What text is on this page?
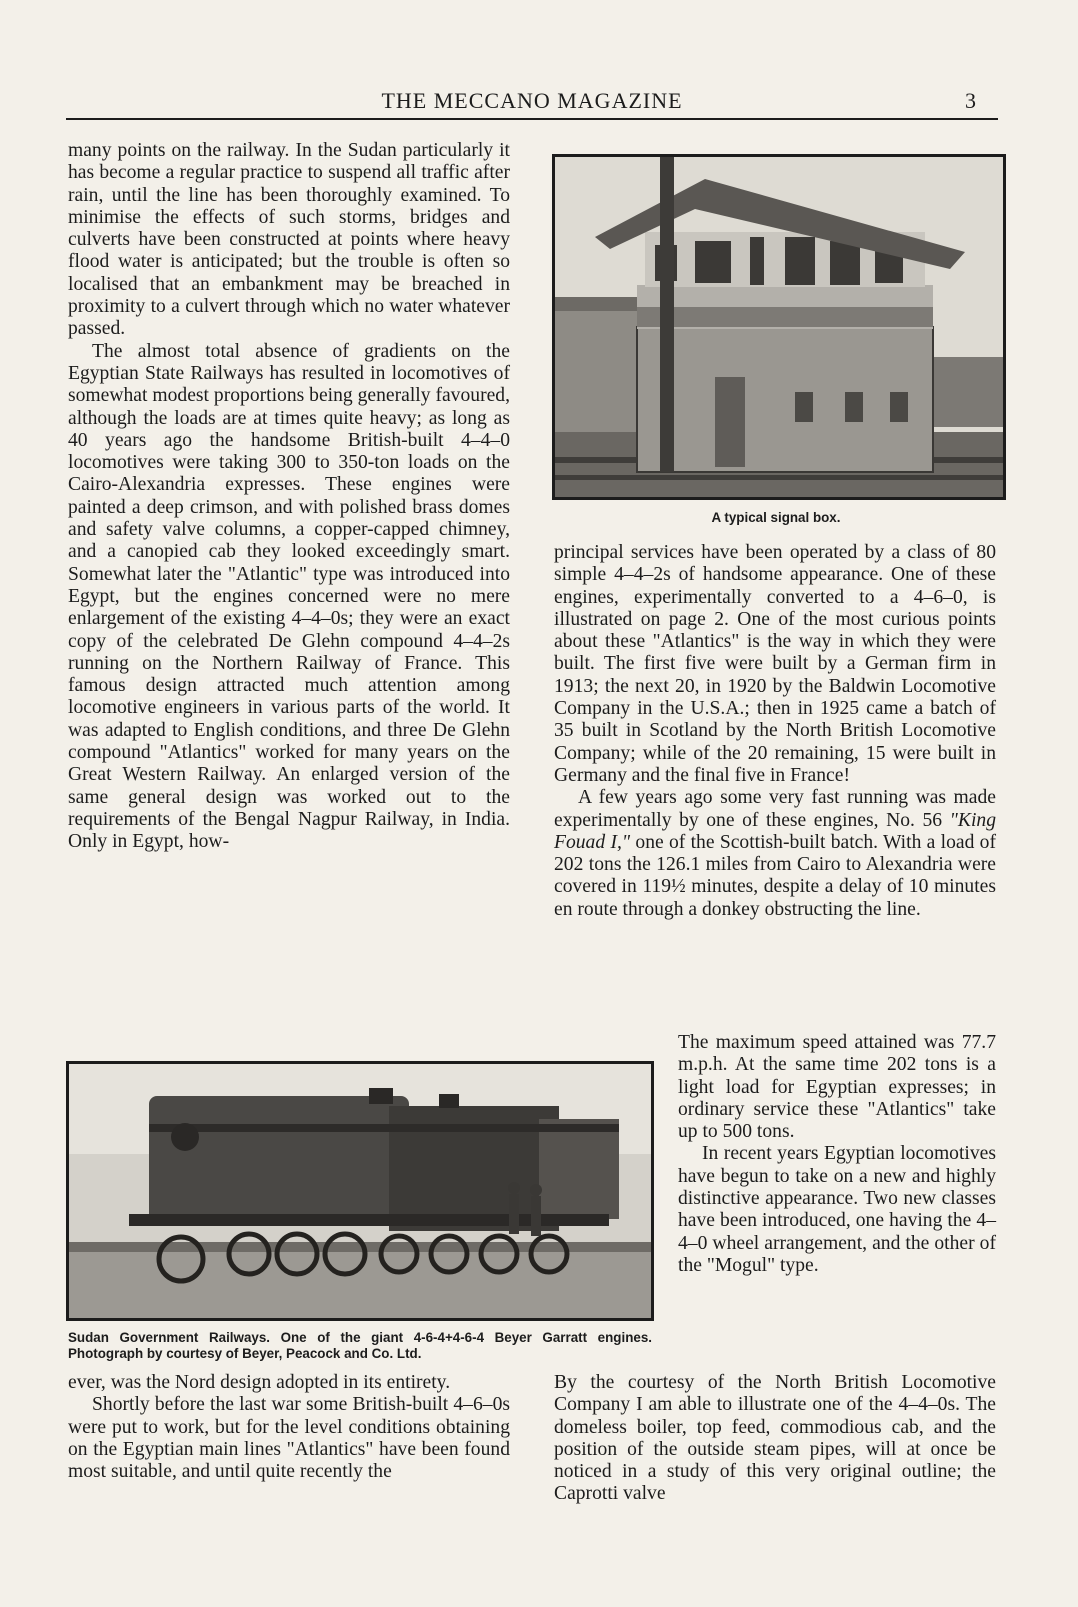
THE MECCANO MAGAZINE	3

many points on the railway. In the Sudan particularly it has become a regular practice to suspend all traffic after rain, until the line has been thoroughly examined. To minimise the effects of such storms, bridges and culverts have been constructed at points where heavy flood water is anticipated; but the trouble is often so localised that an embankment may be breached in proximity to a culvert through which no water whatever passed.

The almost total absence of gradients on the Egyptian State Railways has resulted in locomotives of somewhat modest proportions being generally favoured, although the loads are at times quite heavy; as long as 40 years ago the handsome British-built 4–4–0 locomotives were taking 300 to 350-ton loads on the Cairo-Alexandria expresses. These engines were painted a deep crimson, and with polished brass domes and safety valve columns, a copper-capped chimney, and a canopied cab they looked exceedingly smart. Somewhat later the "Atlantic" type was introduced into Egypt, but the engines concerned were no mere enlargement of the existing 4–4–0s; they were an exact copy of the celebrated De Glehn compound 4–4–2s running on the Northern Railway of France. This famous design attracted much attention among locomotive engineers in various parts of the world. It was adapted to English conditions, and three De Glehn compound "Atlantics" worked for many years on the Great Western Railway. An enlarged version of the same general design was worked out to the requirements of the Bengal Nagpur Railway, in India. Only in Egypt, how-

A typical signal box.

principal services have been operated by a class of 80 simple 4–4–2s of handsome appearance. One of these engines, experimentally converted to a 4–6–0, is illustrated on page 2. One of the most curious points about these "Atlantics" is the way in which they were built. The first five were built by a German firm in 1913; the next 20, in 1920 by the Baldwin Locomotive Company in the U.S.A.; then in 1925 came a batch of 35 built in Scotland by the North British Locomotive Company; while of the 20 remaining, 15 were built in Germany and the final five in France!

A few years ago some very fast running was made experimentally by one of these engines, No. 56 "King Fouad I," one of the Scottish-built batch. With a load of 202 tons the 126.1 miles from Cairo to Alexandria were covered in 119½ minutes, despite a delay of 10 minutes en route through a donkey obstructing the line.

Sudan Government Railways. One of the giant 4-6-4+4-6-4 Beyer Garratt engines. Photograph by courtesy of Beyer, Peacock and Co. Ltd.

The maximum speed attained was 77.7 m.p.h. At the same time 202 tons is a light load for Egyptian expresses; in ordinary service these "Atlantics" take up to 500 tons.

In recent years Egyptian locomotives have begun to take on a new and highly distinctive appearance. Two new classes have been introduced, one having the 4–4–0 wheel arrangement, and the other of the "Mogul" type.

ever, was the Nord design adopted in its entirety.

Shortly before the last war some British-built 4–6–0s were put to work, but for the level conditions obtaining on the Egyptian main lines "Atlantics" have been found most suitable, and until quite recently the

By the courtesy of the North British Locomotive Company I am able to illustrate one of the 4–4–0s. The domeless boiler, top feed, commodious cab, and the position of the outside steam pipes, will at once be noticed in a study of this very original outline; the Caprotti valve
